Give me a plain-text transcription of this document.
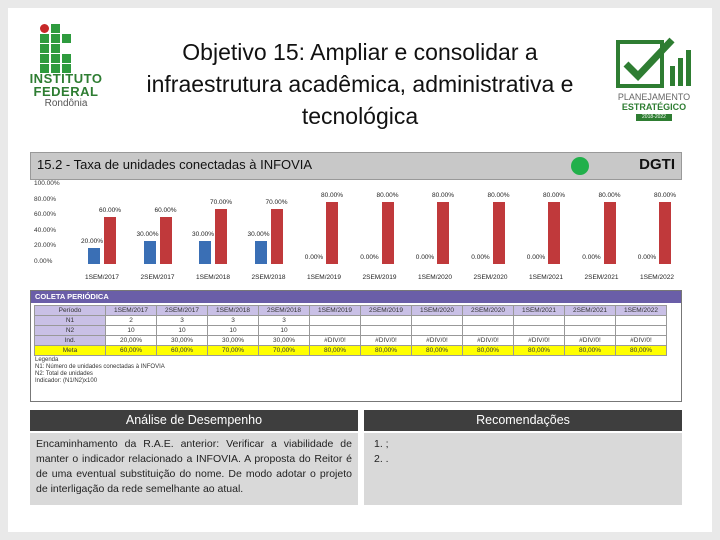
INSTITUTO
FEDERAL
Rondônia
Objetivo 15: Ampliar e consolidar a infraestrutura acadêmica, administrativa e tecnológica
PLANEJAMENTO
ESTRATÉGICO
2018-2022
15.2 - Taxa de unidades conectadas à INFOVIA	DGTI
100.00%
80.00%
60.00%
40.00%
20.00%
0.00%
20.00%
60.00%
1SEM/2017
30.00%
60.00%
2SEM/2017
30.00%
70.00%
1SEM/2018
30.00%
70.00%
2SEM/2018
0.00%
80.00%
1SEM/2019
0.00%
80.00%
2SEM/2019
0.00%
80.00%
1SEM/2020
0.00%
80.00%
2SEM/2020
0.00%
80.00%
1SEM/2021
0.00%
80.00%
2SEM/2021
0.00%
80.00%
1SEM/2022
COLETA PERIÓDICA
Período	1SEM/2017	2SEM/2017	1SEM/2018	2SEM/2018	1SEM/2019	2SEM/2019	1SEM/2020	2SEM/2020	1SEM/2021	2SEM/2021	1SEM/2022
N1	2	3	3	3							
N2	10	10	10	10							
Ind.	20,00%	30,00%	30,00%	30,00%	#DIV/0!	#DIV/0!	#DIV/0!	#DIV/0!	#DIV/0!	#DIV/0!	#DIV/0!
Meta	60,00%	60,00%	70,00%	70,00%	80,00%	80,00%	80,00%	80,00%	80,00%	80,00%	80,00%
Legenda
N1: Número de unidades conectadas à INFOVIA
N2: Total de unidades
Indicador: (N1/N2)x100
Análise de Desempenho
Encaminhamento da R.A.E. anterior: Verificar a viabilidade de manter o indicador relacionado a INFOVIA. A proposta do Reitor é de uma eventual substituição do nome. De modo adotar o projeto de interligação da rede semelhante ao atual.
Recomendações
1. ;
2. .
